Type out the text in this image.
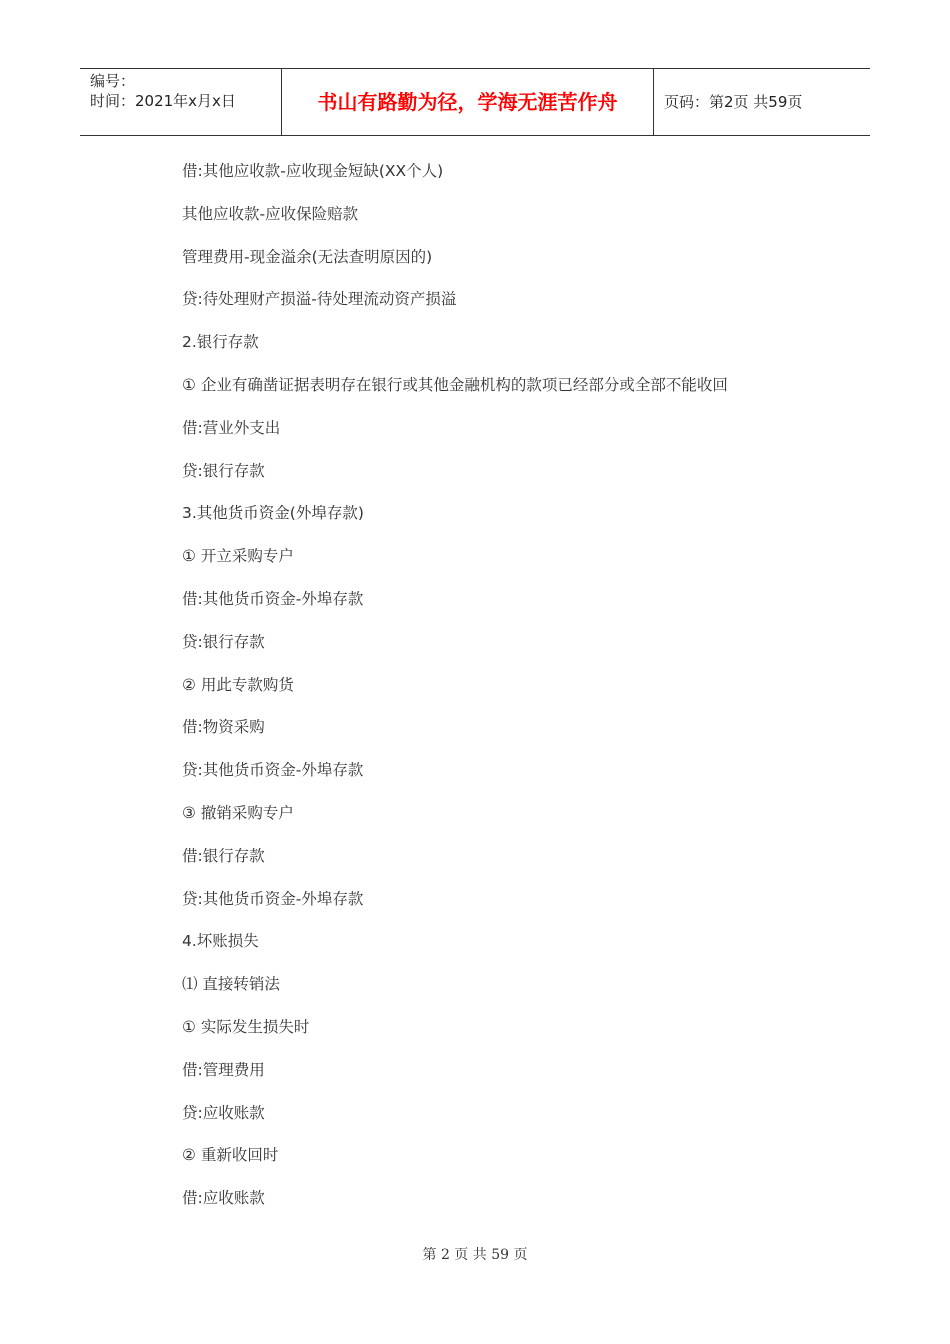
编号：
时间：2021年x月x日	书山有路勤为径，学海无涯苦作舟	页码：第2页 共59页
借:其他应收款-应收现金短缺(XX个人)
其他应收款-应收保险赔款
管理费用-现金溢余(无法查明原因的)
贷:待处理财产损溢-待处理流动资产损溢
2.银行存款
① 企业有确凿证据表明存在银行或其他金融机构的款项已经部分或全部不能收回
借:营业外支出
贷:银行存款
3.其他货币资金(外埠存款)
① 开立采购专户
借:其他货币资金-外埠存款
贷:银行存款
② 用此专款购货
借:物资采购
贷:其他货币资金-外埠存款
③ 撤销采购专户
借:银行存款
贷:其他货币资金-外埠存款
4.坏账损失
⑴ 直接转销法
① 实际发生损失时
借:管理费用
贷:应收账款
② 重新收回时
借:应收账款
第 2 页 共 59 页
